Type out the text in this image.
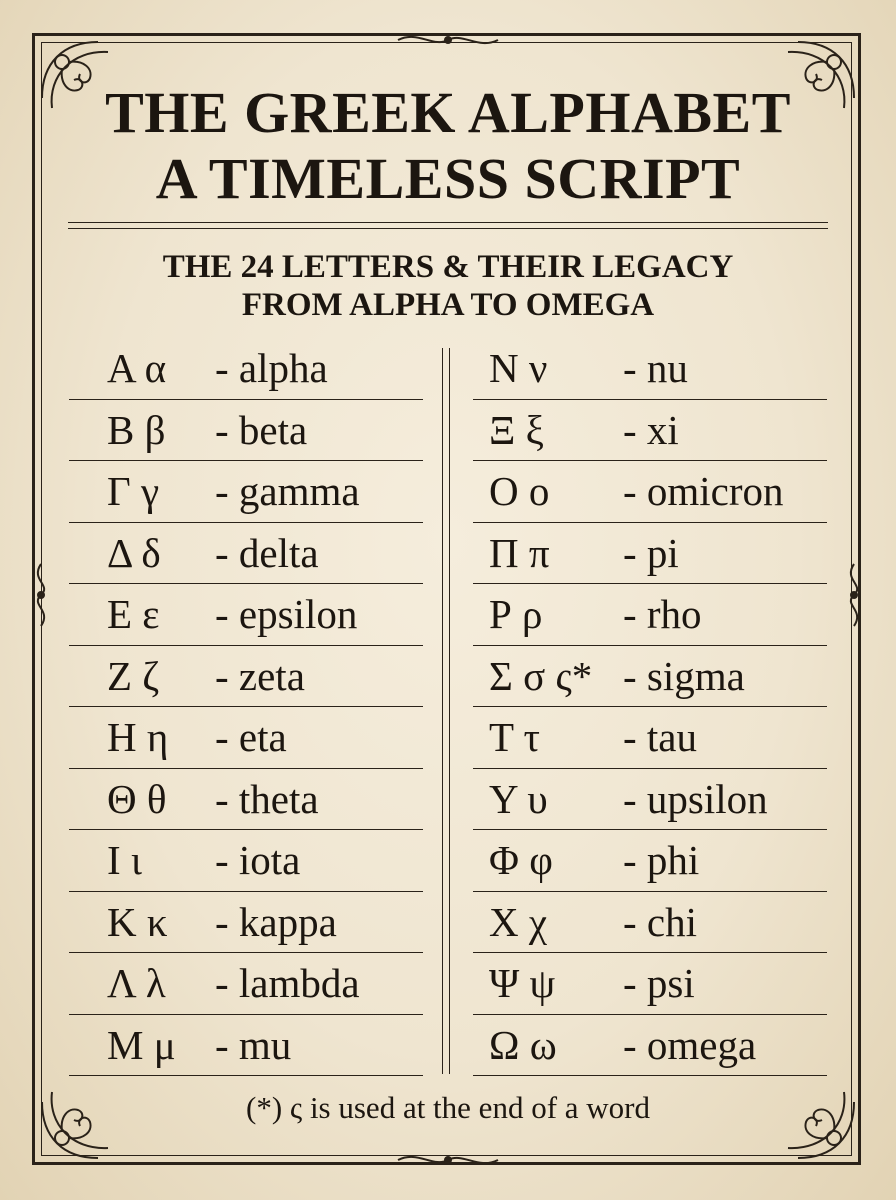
THE GREEK ALPHABET
A TIMELESS SCRIPT
THE 24 LETTERS & THEIR LEGACY
FROM ALPHA TO OMEGA
Α α - alpha
Β β - beta
Γ γ - gamma
Δ δ - delta
Ε ε - epsilon
Ζ ζ - zeta
Η η - eta
Θ θ - theta
Ι ι - iota
Κ κ - kappa
Λ λ - lambda
Μ μ - mu
Ν ν - nu
Ξ ξ - xi
Ο ο - omicron
Π π - pi
Ρ ρ - rho
Σ σ ς* - sigma
Τ τ - tau
Υ υ - upsilon
Φ φ - phi
Χ χ - chi
Ψ ψ - psi
Ω ω - omega
(*) ς is used at the end of a word
